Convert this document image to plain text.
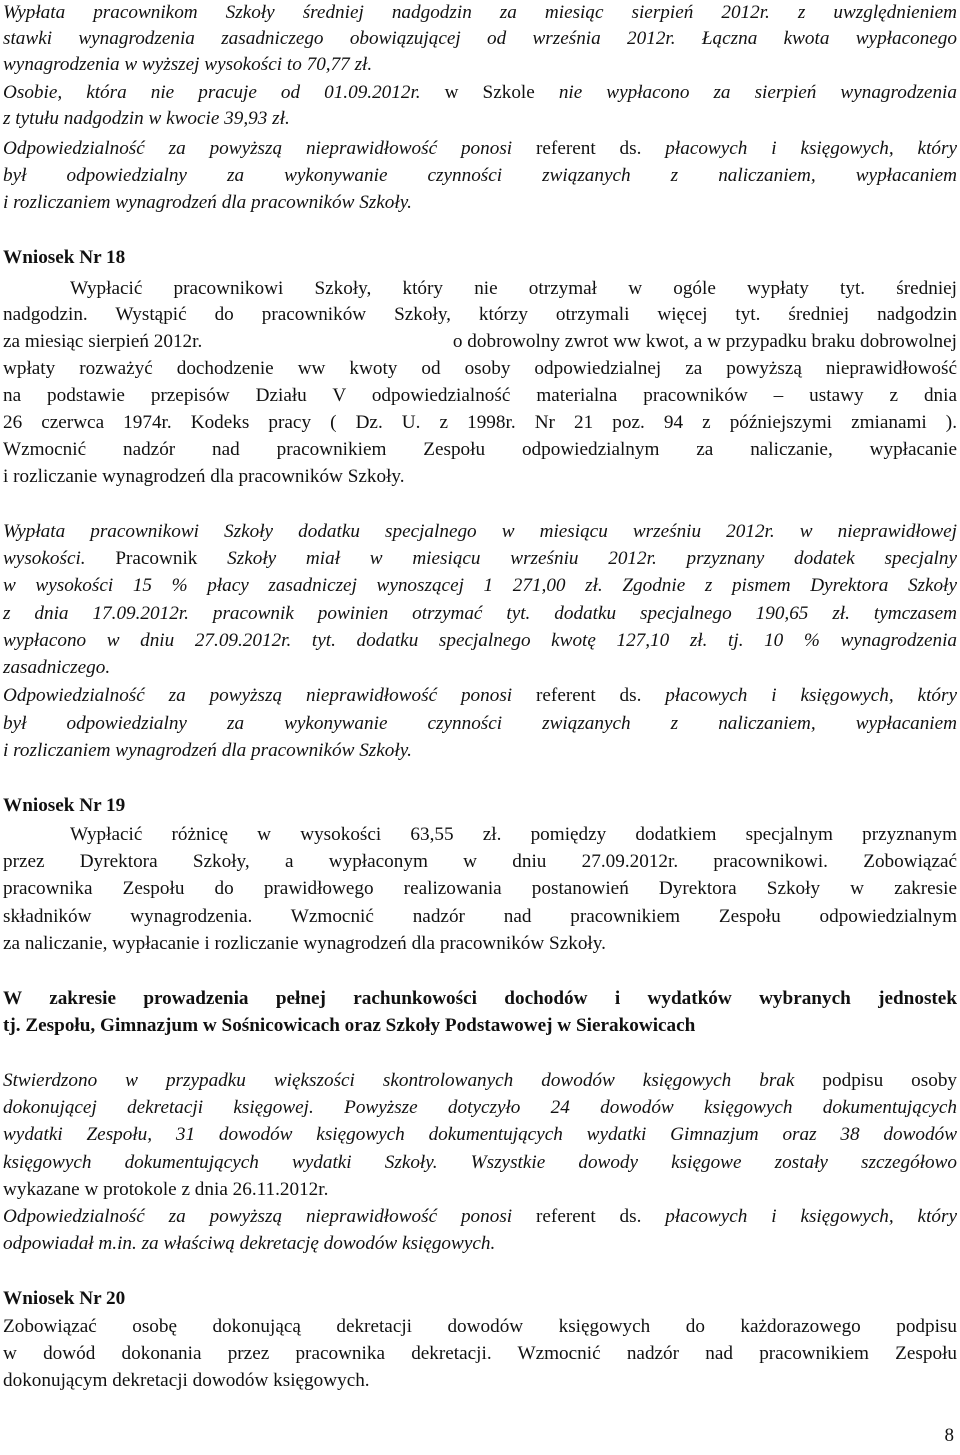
Wypłata pracownikom Szkoły średniej nadgodzin za miesiąc sierpień 2012r. z uwzględnieniem
stawki wynagrodzenia zasadniczego obowiązującej od września 2012r. Łączna kwota wypłaconego
wynagrodzenia w wyższej wysokości to 70,77 zł.
Osobie, która nie pracuje od 01.09.2012r. w Szkole nie wypłacono za sierpień wynagrodzenia
z tytułu nadgodzin w kwocie 39,93 zł.
Odpowiedzialność za powyższą nieprawidłowość ponosi referent ds. płacowych i księgowych, który
był odpowiedzialny za wykonywanie czynności związanych z naliczaniem, wypłacaniem
i rozliczaniem wynagrodzeń dla pracowników Szkoły.
Wniosek Nr 18
Wypłacić pracownikowi Szkoły, który nie otrzymał w ogóle wypłaty tyt. średniej
nadgodzin. Wystąpić do pracowników Szkoły, którzy otrzymali więcej tyt. średniej nadgodzin
za miesiąc sierpień 2012r.	o dobrowolny zwrot ww kwot, a w przypadku braku dobrowolnej
wpłaty rozważyć dochodzenie ww kwoty od osoby odpowiedzialnej za powyższą nieprawidłowość
na podstawie przepisów Działu V odpowiedzialność materialna pracowników – ustawy z dnia
26 czerwca 1974r. Kodeks pracy ( Dz. U. z 1998r. Nr 21 poz. 94 z późniejszymi zmianami ).
Wzmocnić nadzór nad pracownikiem Zespołu odpowiedzialnym za naliczanie, wypłacanie
i rozliczanie wynagrodzeń dla pracowników Szkoły.
Wypłata pracownikowi Szkoły dodatku specjalnego w miesiącu wrześniu 2012r. w nieprawidłowej
wysokości. Pracownik Szkoły miał w miesiącu wrześniu 2012r. przyznany dodatek specjalny
w wysokości 15 % płacy zasadniczej wynoszącej 1 271,00 zł. Zgodnie z pismem Dyrektora Szkoły
z dnia 17.09.2012r. pracownik powinien otrzymać tyt. dodatku specjalnego 190,65 zł. tymczasem
wypłacono w dniu 27.09.2012r. tyt. dodatku specjalnego kwotę 127,10 zł. tj. 10 % wynagrodzenia
zasadniczego.
Odpowiedzialność za powyższą nieprawidłowość ponosi referent ds. płacowych i księgowych, który
był odpowiedzialny za wykonywanie czynności związanych z naliczaniem, wypłacaniem
i rozliczaniem wynagrodzeń dla pracowników Szkoły.
Wniosek Nr 19
Wypłacić różnicę w wysokości 63,55 zł. pomiędzy dodatkiem specjalnym przyznanym
przez Dyrektora Szkoły, a wypłaconym w dniu 27.09.2012r. pracownikowi. Zobowiązać
pracownika Zespołu do prawidłowego realizowania postanowień Dyrektora Szkoły w zakresie
składników wynagrodzenia. Wzmocnić nadzór nad pracownikiem Zespołu odpowiedzialnym
za naliczanie, wypłacanie i rozliczanie wynagrodzeń dla pracowników Szkoły.
W zakresie prowadzenia pełnej rachunkowości dochodów i wydatków wybranych jednostek
tj. Zespołu, Gimnazjum w Sośnicowicach oraz Szkoły Podstawowej w Sierakowicach
Stwierdzono w przypadku większości skontrolowanych dowodów księgowych brak podpisu osoby
dokonującej dekretacji księgowej. Powyższe dotyczyło 24 dowodów księgowych dokumentujących
wydatki Zespołu, 31 dowodów księgowych dokumentujących wydatki Gimnazjum oraz 38 dowodów
księgowych dokumentujących wydatki Szkoły. Wszystkie dowody księgowe zostały szczegółowo
wykazane w protokole z dnia 26.11.2012r.
Odpowiedzialność za powyższą nieprawidłowość ponosi referent ds. płacowych i księgowych, który
odpowiadał m.in. za właściwą dekretację dowodów księgowych.
Wniosek Nr 20
Zobowiązać osobę dokonującą dekretacji dowodów księgowych do każdorazowego podpisu
w dowód dokonania przez pracownika dekretacji. Wzmocnić nadzór nad pracownikiem Zespołu
dokonującym dekretacji dowodów księgowych.
8
